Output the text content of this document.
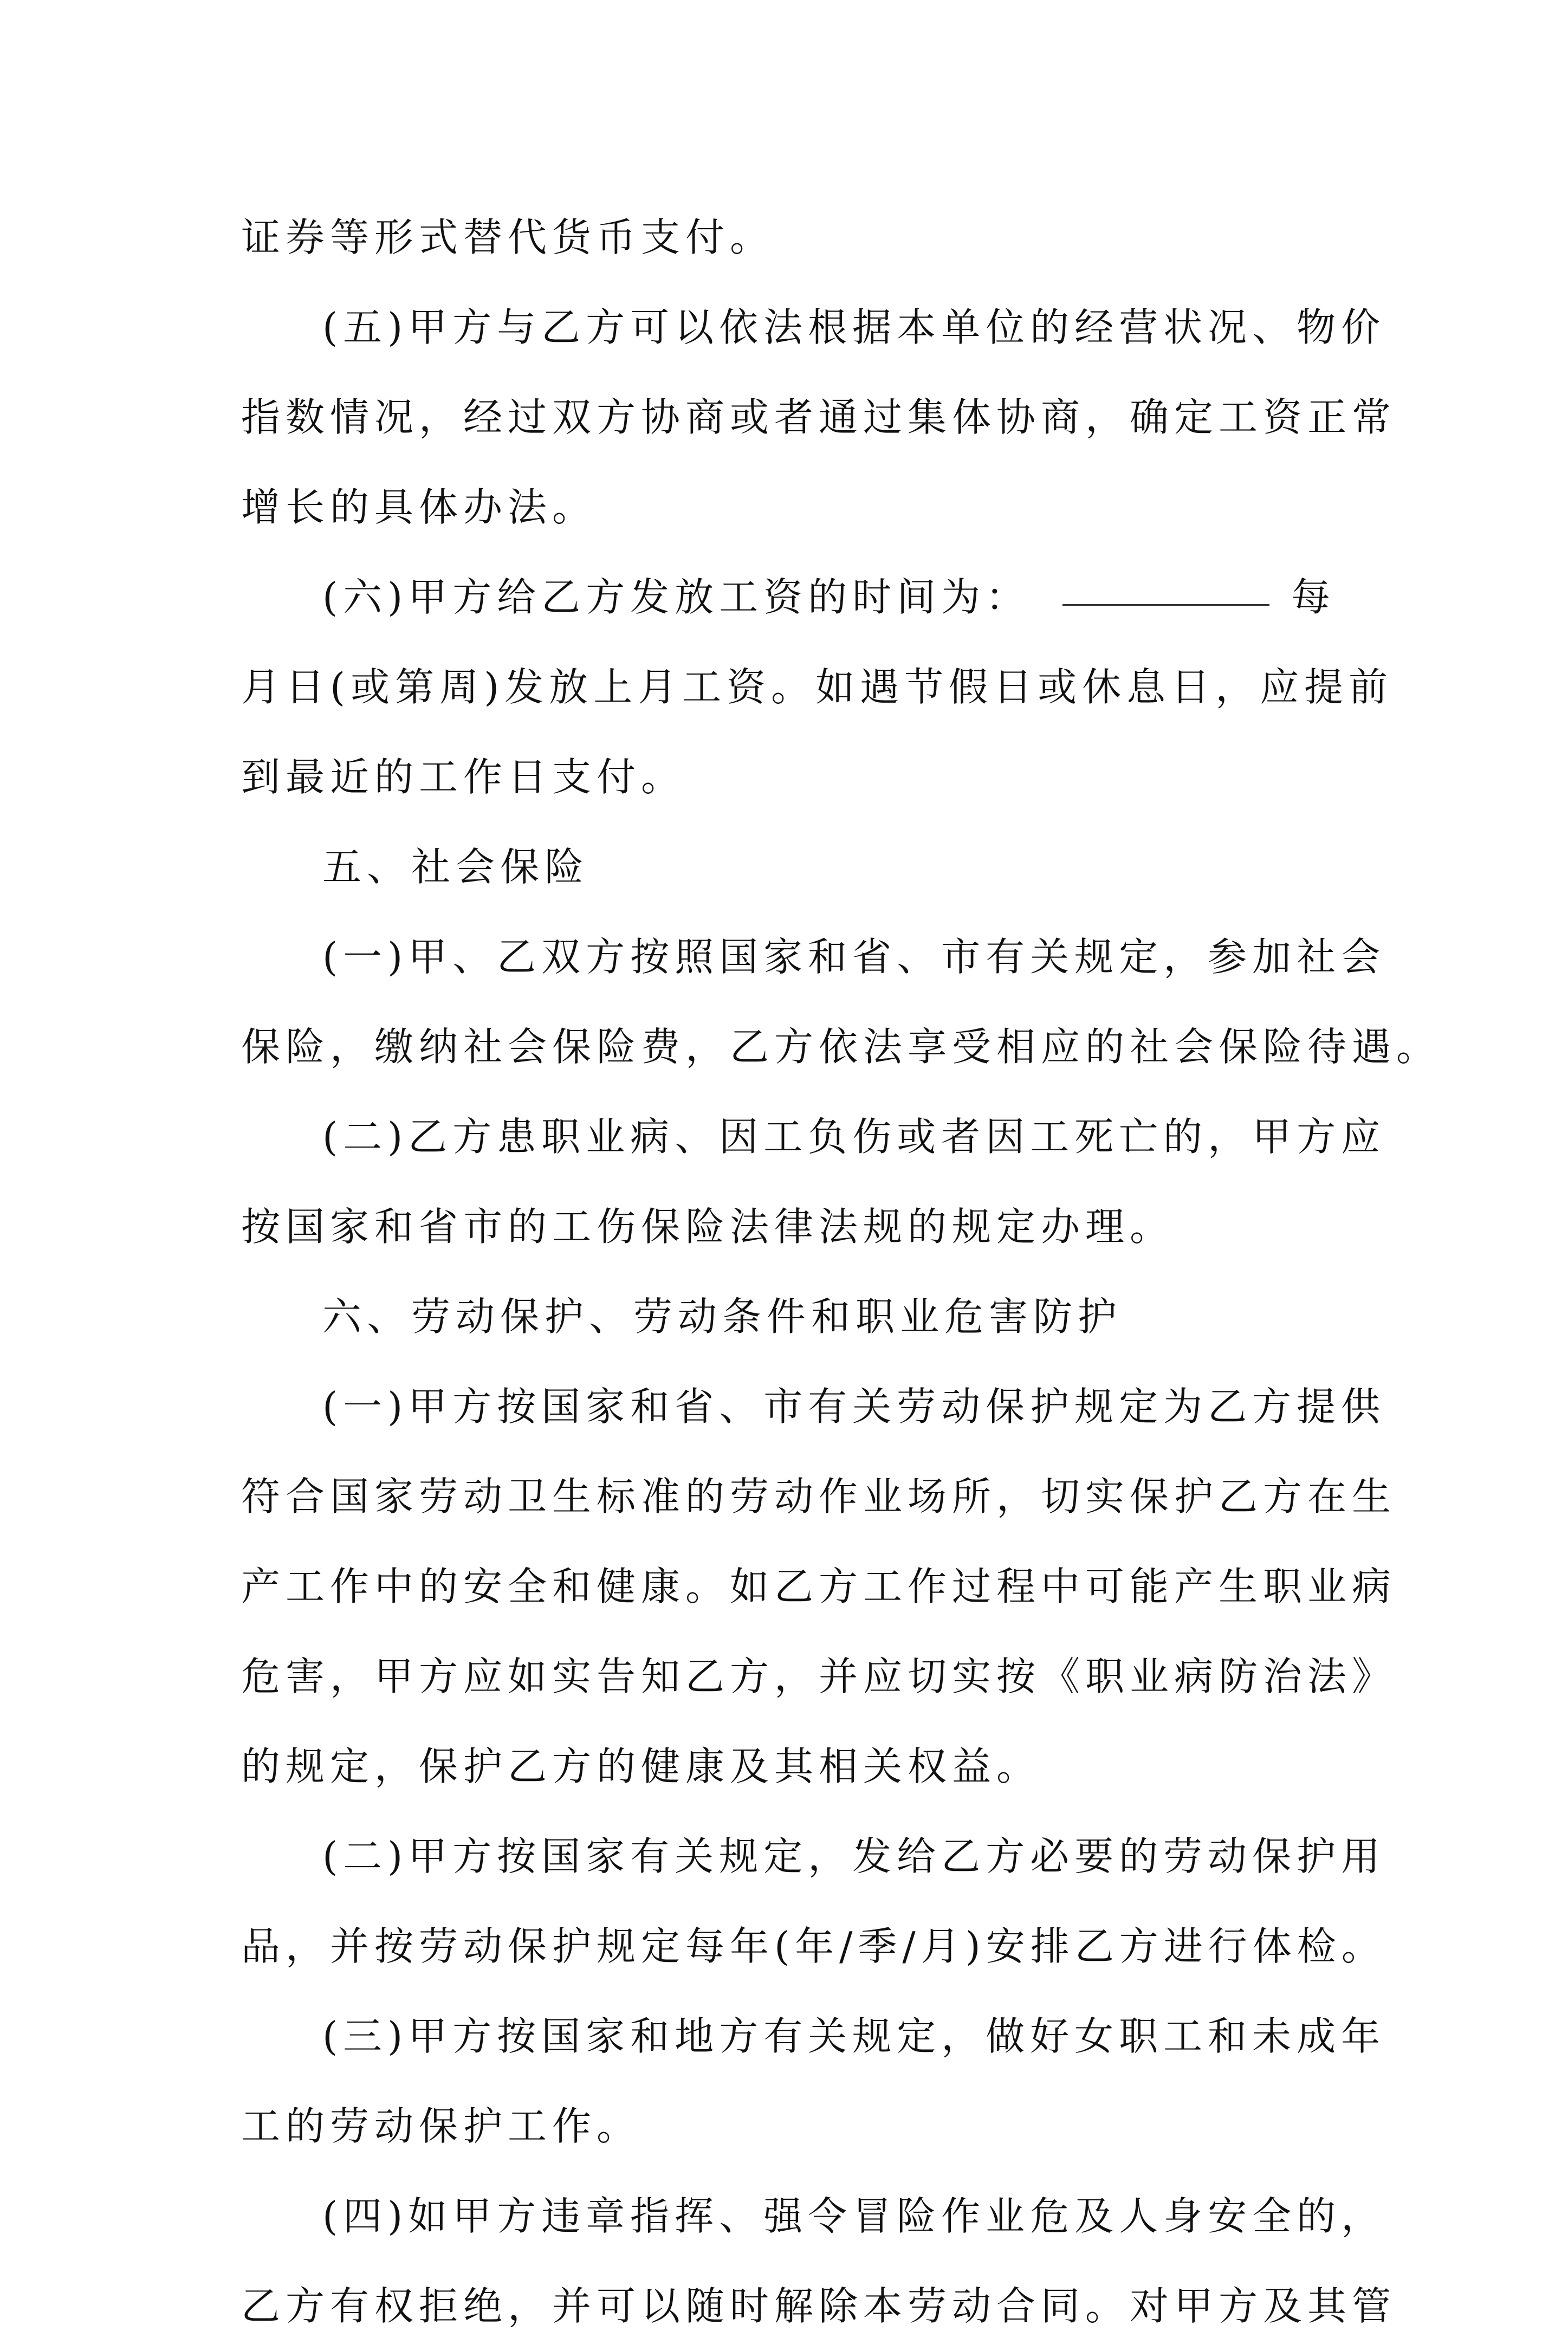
证券等形式替代货币支付。
(五)甲方与乙方可以依法根据本单位的经营状况、物价
指数情况，经过双方协商或者通过集体协商，确定工资正常
增长的具体办法。
(六)甲方给乙方发放工资的时间为：	每
月日(或第周)发放上月工资。如遇节假日或休息日，应提前
到最近的工作日支付。
五、社会保险
(一)甲、乙双方按照国家和省、市有关规定，参加社会
保险，缴纳社会保险费，乙方依法享受相应的社会保险待遇。
(二)乙方患职业病、因工负伤或者因工死亡的，甲方应
按国家和省市的工伤保险法律法规的规定办理。
六、劳动保护、劳动条件和职业危害防护
(一)甲方按国家和省、市有关劳动保护规定为乙方提供
符合国家劳动卫生标准的劳动作业场所，切实保护乙方在生
产工作中的安全和健康。如乙方工作过程中可能产生职业病
危害，甲方应如实告知乙方，并应切实按《职业病防治法》
的规定，保护乙方的健康及其相关权益。
(二)甲方按国家有关规定，发给乙方必要的劳动保护用
品，并按劳动保护规定每年(年/季/月)安排乙方进行体检。
(三)甲方按国家和地方有关规定，做好女职工和未成年
工的劳动保护工作。
(四)如甲方违章指挥、强令冒险作业危及人身安全的，
乙方有权拒绝，并可以随时解除本劳动合同。对甲方及其管
